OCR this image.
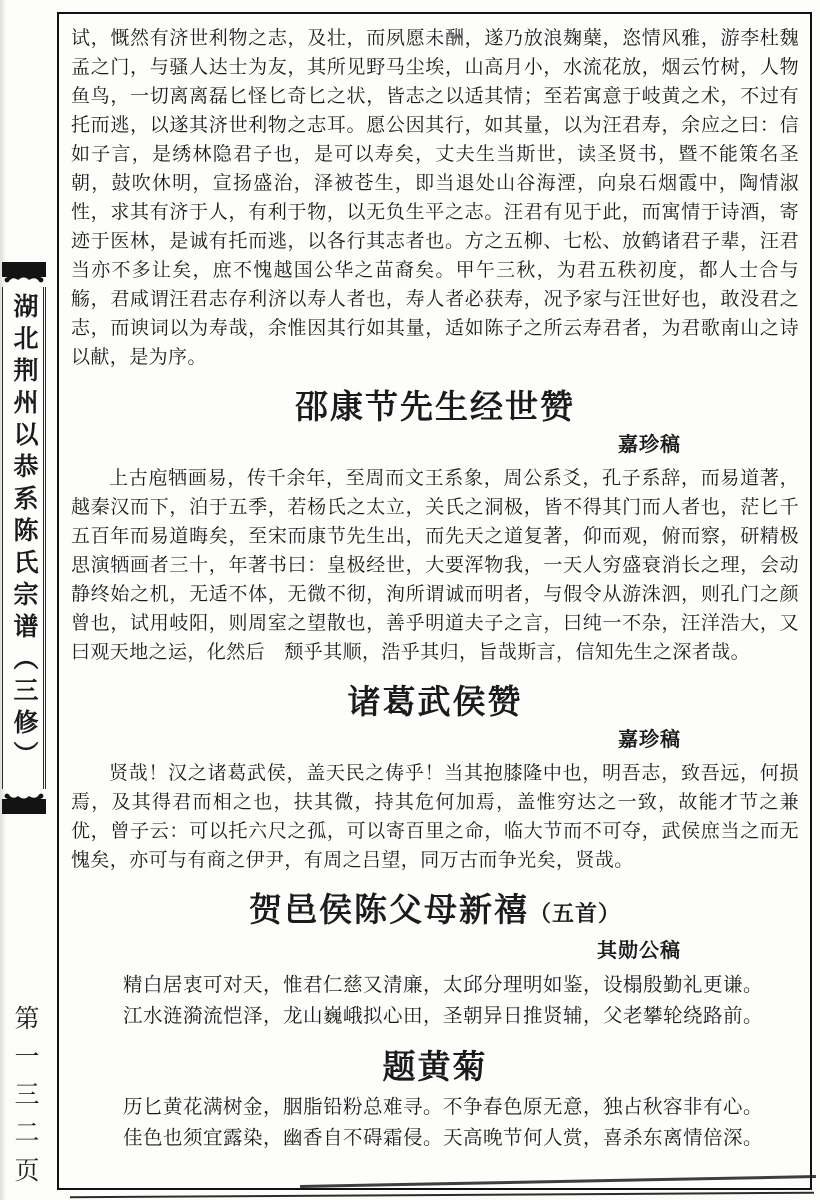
湖北荆州以恭系陈氏宗谱（三修）
第一三二页

试，慨然有济世利物之志，及壮，而夙愿未酬，遂乃放浪麹蘖，恣情风雅，游李杜魏孟之门，与骚人达士为友，其所见野马尘埃，山高月小，水流花放，烟云竹树，人物鱼鸟，一切离离磊匕怪匕奇匕之状，皆志之以适其情；至若寓意于岐黄之术，不过有托而逃，以遂其济世利物之志耳。愿公因其行，如其量，以为汪君寿，余应之曰：信如子言，是绣林隐君子也，是可以寿矣，丈夫生当斯世，读圣贤书，暨不能策名圣朝，鼓吹休明，宣扬盛治，泽被苍生，即当退处山谷海湮，向泉石烟霞中，陶情淑性，求其有济于人，有利于物，以无负生平之志。汪君有见于此，而寓情于诗酒，寄迹于医林，是诚有托而逃，以各行其志者也。方之五柳、七松、放鹤诸君子辈，汪君当亦不多让矣，庶不愧越国公华之苗裔矣。甲午三秋，为君五秩初度，都人士合与觞，君咸谓汪君志存利济以寿人者也，寿人者必获寿，况予家与汪世好也，敢没君之志，而谀词以为寿哉，余惟因其行如其量，适如陈子之所云寿君者，为君歌南山之诗以献，是为序。

邵康节先生经世赞
嘉珍稿

上古庖牺画易，传千余年，至周而文王系象，周公系爻，孔子系辞，而易道著，越秦汉而下，泊于五季，若杨氏之太立，关氏之洞极，皆不得其门而人者也，茫匕千五百年而易道晦矣，至宋而康节先生出，而先天之道复著，仰而观，俯而察，研精极思演牺画者三十，年著书曰：皇极经世，大要浑物我，一天人穷盛衰消长之理，会动静终始之机，无适不体，无微不彻，洵所谓诚而明者，与假令从游洙泗，则孔门之颜曾也，试用岐阳，则周室之望散也，善乎明道夫子之言，曰纯一不杂，汪洋浩大，又曰观天地之运，化然后　颓乎其顺，浩乎其归，旨哉斯言，信知先生之深者哉。

诸葛武侯赞
嘉珍稿

贤哉！汉之诸葛武侯，盖天民之俦乎！当其抱膝隆中也，明吾志，致吾远，何损焉，及其得君而相之也，扶其微，持其危何加焉，盖惟穷达之一致，故能才节之兼优，曾子云：可以托六尺之孤，可以寄百里之命，临大节而不可夺，武侯庶当之而无愧矣，亦可与有商之伊尹，有周之吕望，同万古而争光矣，贤哉。

贺邑侯陈父母新禧（五首）
其勋公稿
精白居衷可对天，惟君仁慈又清廉，太邱分理明如鉴，设榻殷勤礼更谦。
江水涟漪流恺泽，龙山巍峨拟心田，圣朝异日推贤辅，父老攀轮绕路前。
题黄菊
历匕黄花满树金，胭脂铅粉总难寻。不争春色原无意，独占秋容非有心。
佳色也须宜露染，幽香自不碍霜侵。天高晚节何人赏，喜杀东离情倍深。
